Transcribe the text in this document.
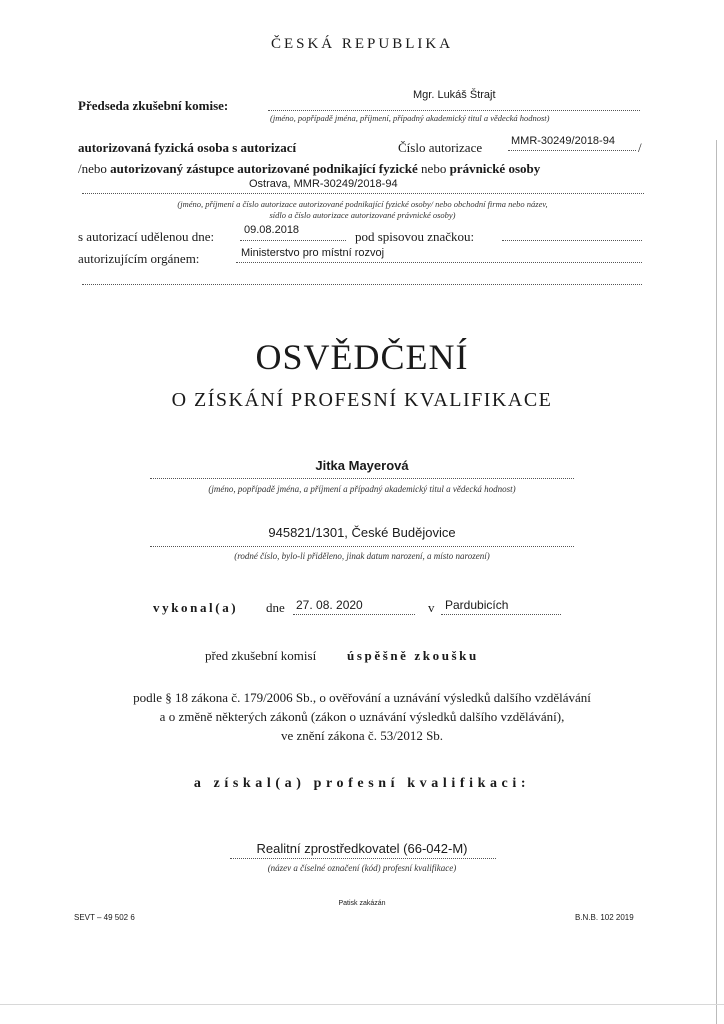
ČESKÁ REPUBLIKA
Mgr. Lukáš Štrajt
Předseda zkušební komise:
(jméno, popřípadě jména, příjmení, případný akademický titul a vědecká hodnost)
autorizovaná fyzická osoba s autorizací	Číslo autorizace	MMR-30249/2018-94 /
/nebo autorizovaný zástupce autorizované podnikající fyzické nebo právnické osoby
Ostrava, MMR-30249/2018-94
(jméno, příjmení a číslo autorizace autorizované podnikající fyzické osoby/ nebo obchodní firma nebo název,
sídlo a číslo autorizace autorizované právnické osoby)
s autorizací udělenou dne:	09.08.2018	pod spisovou značkou:
autorizujícím orgánem:	Ministerstvo pro místní rozvoj
OSVĚDČENÍ
O ZÍSKÁNÍ PROFESNÍ KVALIFIKACE
Jitka Mayerová
(jméno, popřípadě jména, a příjmení a případný akademický titul a vědecká hodnost)
945821/1301, České Budějovice
(rodné číslo, bylo-li přiděleno, jinak datum narození, a místo narození)
vykonal(a) dne 27. 08. 2020	v Pardubicích
před zkušební komisí úspěšně zkoušku
podle § 18 zákona č. 179/2006 Sb., o ověřování a uznávání výsledků dalšího vzdělávání
a o změně některých zákonů (zákon o uznávání výsledků dalšího vzdělávání),
ve znění zákona č. 53/2012 Sb.
a získal(a) profesní kvalifikaci:
Realitní zprostředkovatel (66-042-M)
(název a číselné označení (kód) profesní kvalifikace)
Patisk zakázán
SEVT – 49 502 6	B.N.B. 102 2019
